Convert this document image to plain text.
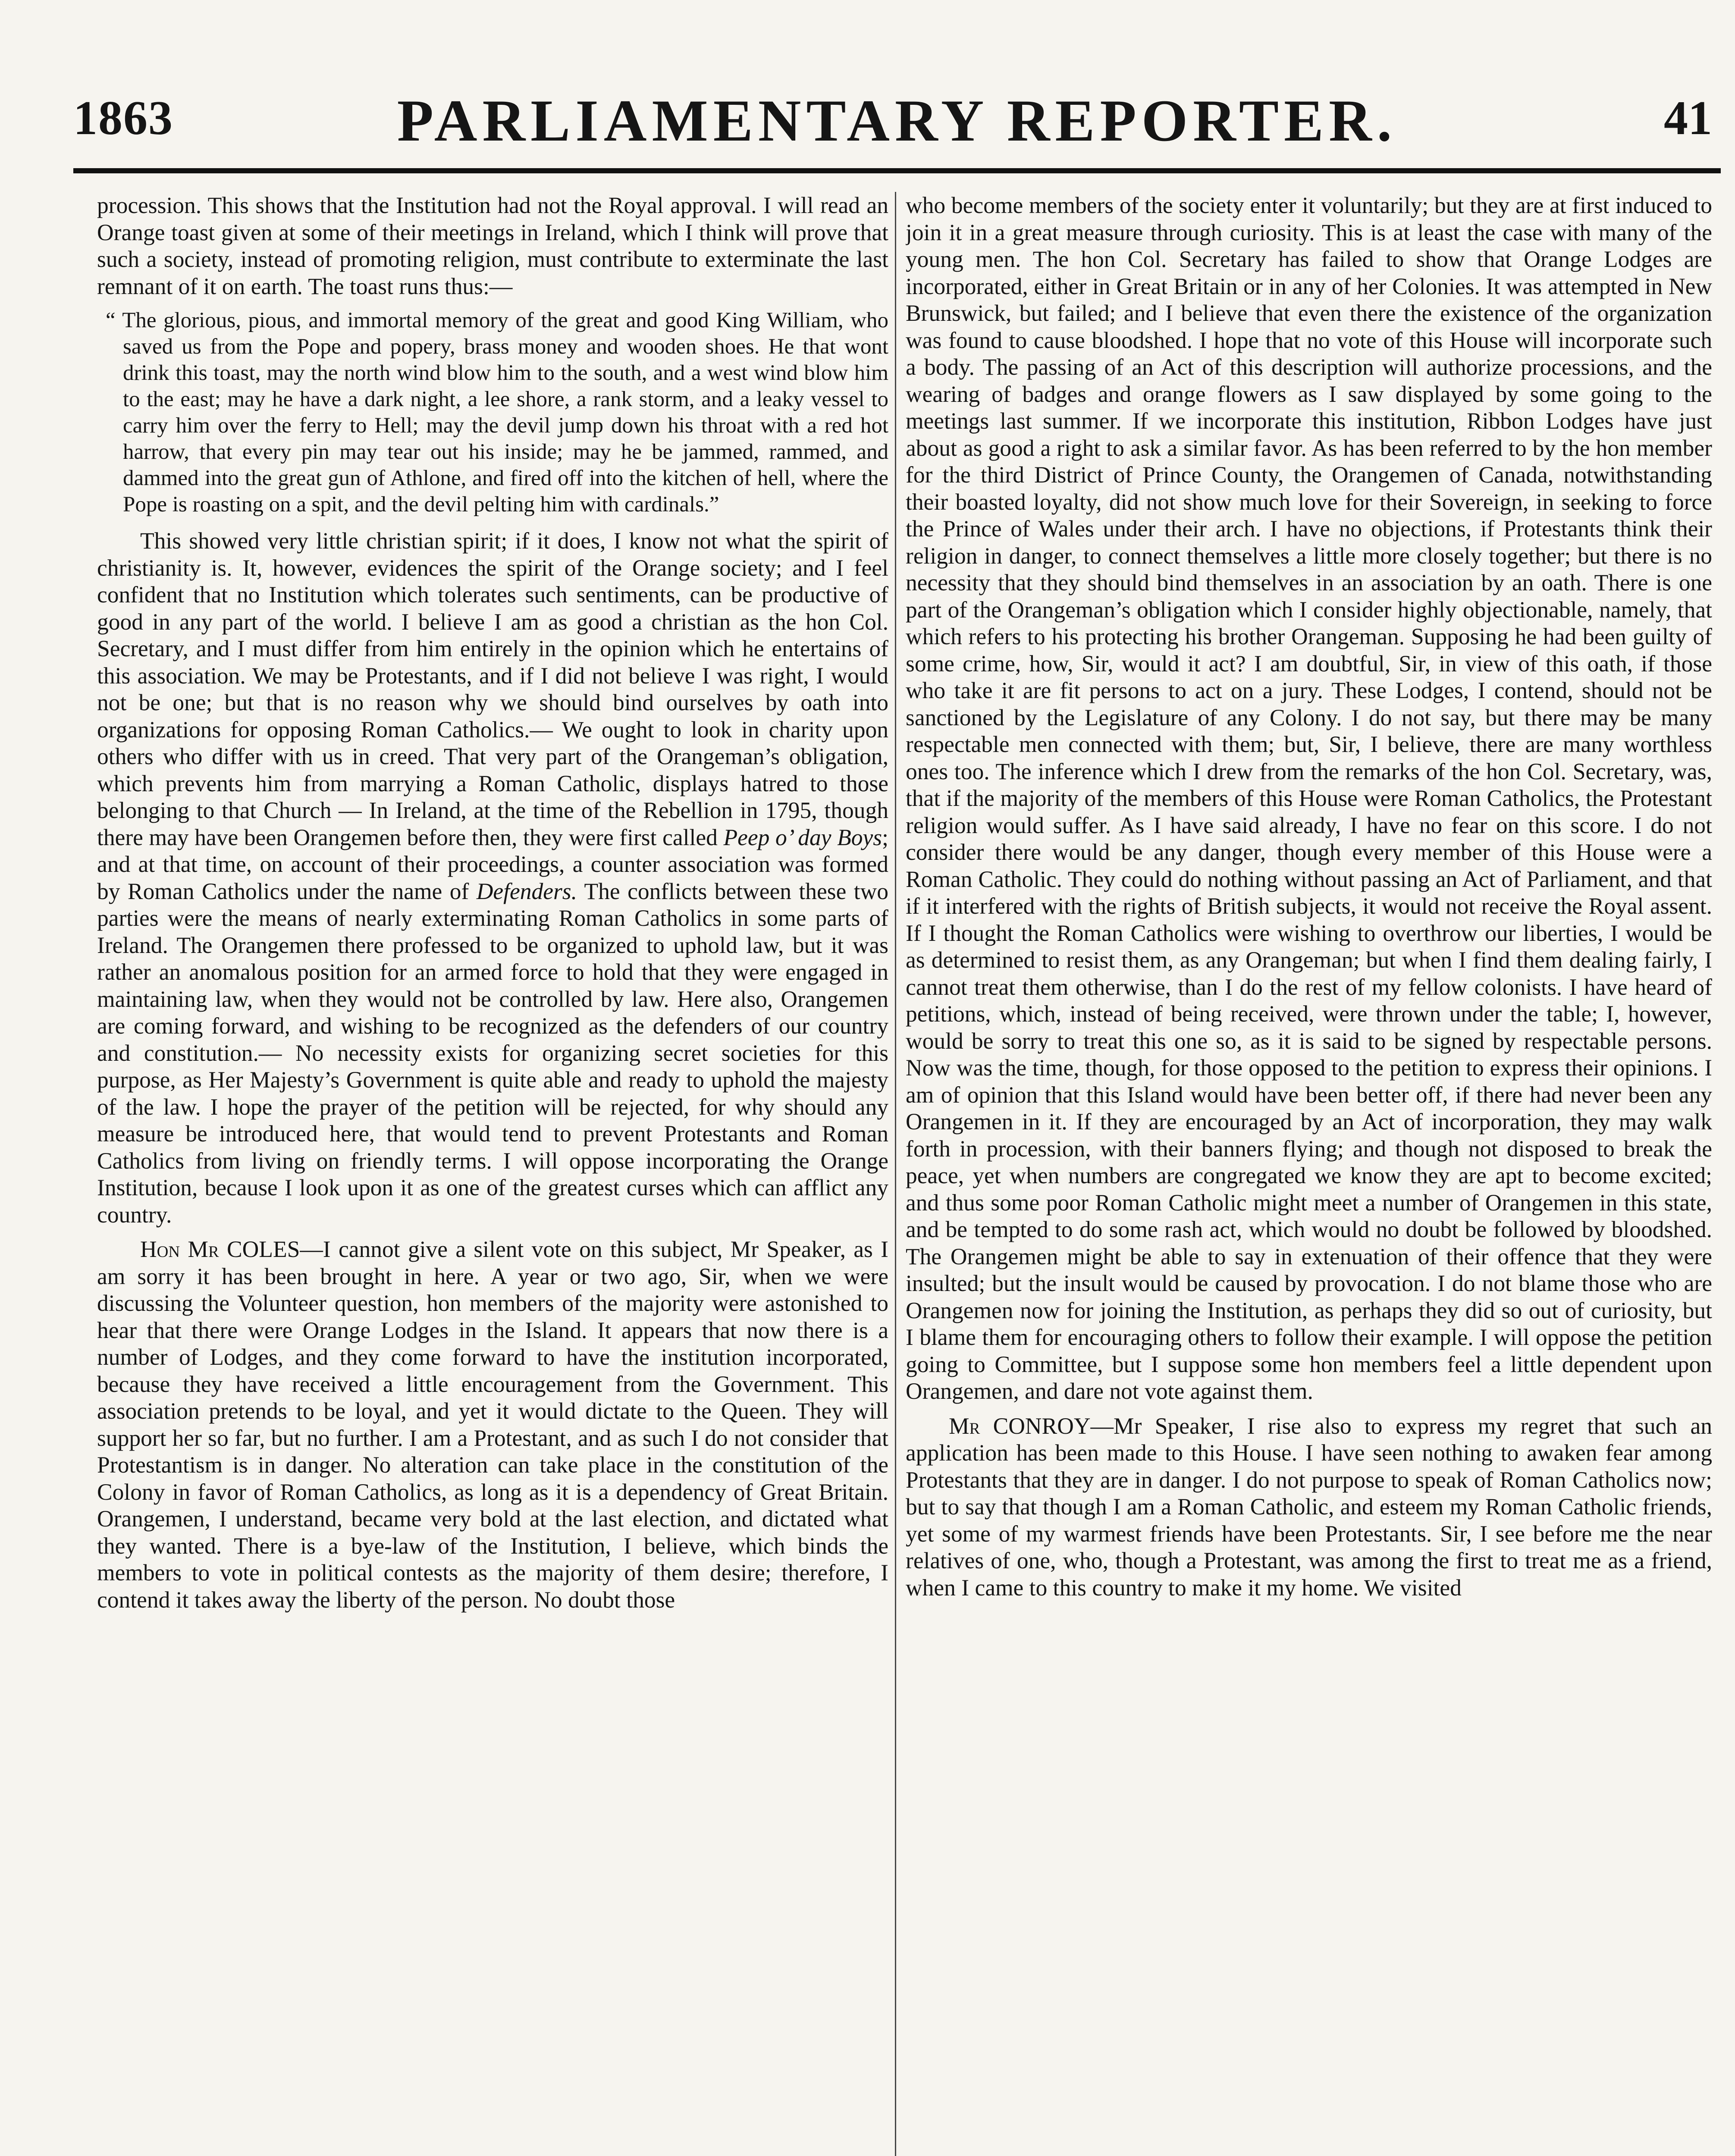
1863	PARLIAMENTARY REPORTER.	41

procession. This shows that the Institution had not the Royal approval. I will read an Orange toast given at some of their meetings in Ireland, which I think will prove that such a society, instead of promoting religion, must contribute to exterminate the last remnant of it on earth. The toast runs thus:—

“ The glorious, pious, and immortal memory of the great and good King William, who saved us from the Pope and popery, brass money and wooden shoes. He that wont drink this toast, may the north wind blow him to the south, and a west wind blow him to the east; may he have a dark night, a lee shore, a rank storm, and a leaky vessel to carry him over the ferry to Hell; may the devil jump down his throat with a red hot harrow, that every pin may tear out his inside; may he be jammed, rammed, and dammed into the great gun of Athlone, and fired off into the kitchen of hell, where the Pope is roasting on a spit, and the devil pelting him with cardinals.”

This showed very little christian spirit; if it does, I know not what the spirit of christianity is. It, however, evidences the spirit of the Orange society; and I feel confident that no Institution which tolerates such sentiments, can be productive of good in any part of the world. I believe I am as good a christian as the hon Col. Secretary, and I must differ from him entirely in the opinion which he entertains of this association. We may be Protestants, and if I did not believe I was right, I would not be one; but that is no reason why we should bind ourselves by oath into organizations for opposing Roman Catholics.— We ought to look in charity upon others who differ with us in creed. That very part of the Orangeman’s obligation, which prevents him from marrying a Roman Catholic, displays hatred to those belonging to that Church — In Ireland, at the time of the Rebellion in 1795, though there may have been Orangemen before then, they were first called Peep o’ day Boys; and at that time, on account of their proceedings, a counter association was formed by Roman Catholics under the name of Defenders. The conflicts between these two parties were the means of nearly exterminating Roman Catholics in some parts of Ireland. The Orangemen there professed to be organized to uphold law, but it was rather an anomalous position for an armed force to hold that they were engaged in maintaining law, when they would not be controlled by law. Here also, Orangemen are coming forward, and wishing to be recognized as the defenders of our country and constitution.— No necessity exists for organizing secret societies for this purpose, as Her Majesty’s Government is quite able and ready to uphold the majesty of the law. I hope the prayer of the petition will be rejected, for why should any measure be introduced here, that would tend to prevent Protestants and Roman Catholics from living on friendly terms. I will oppose incorporating the Orange Institution, because I look upon it as one of the greatest curses which can afflict any country.

Hon Mr COLES—I cannot give a silent vote on this subject, Mr Speaker, as I am sorry it has been brought in here. A year or two ago, Sir, when we were discussing the Volunteer question, hon members of the majority were astonished to hear that there were Orange Lodges in the Island. It appears that now there is a number of Lodges, and they come forward to have the institution incorporated, because they have received a little encouragement from the Government. This association pretends to be loyal, and yet it would dictate to the Queen. They will support her so far, but no further. I am a Protestant, and as such I do not consider that Protestantism is in danger. No alteration can take place in the constitution of the Colony in favor of Roman Catholics, as long as it is a dependency of Great Britain. Orangemen, I understand, became very bold at the last election, and dictated what they wanted. There is a bye-law of the Institution, I believe, which binds the members to vote in political contests as the majority of them desire; therefore, I contend it takes away the liberty of the person. No doubt those

who become members of the society enter it voluntarily; but they are at first induced to join it in a great measure through curiosity. This is at least the case with many of the young men. The hon Col. Secretary has failed to show that Orange Lodges are incorporated, either in Great Britain or in any of her Colonies. It was attempted in New Brunswick, but failed; and I believe that even there the existence of the organization was found to cause bloodshed. I hope that no vote of this House will incorporate such a body. The passing of an Act of this description will authorize processions, and the wearing of badges and orange flowers as I saw displayed by some going to the meetings last summer. If we incorporate this institution, Ribbon Lodges have just about as good a right to ask a similar favor. As has been referred to by the hon member for the third District of Prince County, the Orangemen of Canada, notwithstanding their boasted loyalty, did not show much love for their Sovereign, in seeking to force the Prince of Wales under their arch. I have no objections, if Protestants think their religion in danger, to connect themselves a little more closely together; but there is no necessity that they should bind themselves in an association by an oath. There is one part of the Orangeman’s obligation which I consider highly objectionable, namely, that which refers to his protecting his brother Orangeman. Supposing he had been guilty of some crime, how, Sir, would it act? I am doubtful, Sir, in view of this oath, if those who take it are fit persons to act on a jury. These Lodges, I contend, should not be sanctioned by the Legislature of any Colony. I do not say, but there may be many respectable men connected with them; but, Sir, I believe, there are many worthless ones too. The inference which I drew from the remarks of the hon Col. Secretary, was, that if the majority of the members of this House were Roman Catholics, the Protestant religion would suffer. As I have said already, I have no fear on this score. I do not consider there would be any danger, though every member of this House were a Roman Catholic. They could do nothing without passing an Act of Parliament, and that if it interfered with the rights of British subjects, it would not receive the Royal assent. If I thought the Roman Catholics were wishing to overthrow our liberties, I would be as determined to resist them, as any Orangeman; but when I find them dealing fairly, I cannot treat them otherwise, than I do the rest of my fellow colonists. I have heard of petitions, which, instead of being received, were thrown under the table; I, however, would be sorry to treat this one so, as it is said to be signed by respectable persons. Now was the time, though, for those opposed to the petition to express their opinions. I am of opinion that this Island would have been better off, if there had never been any Orangemen in it. If they are encouraged by an Act of incorporation, they may walk forth in procession, with their banners flying; and though not disposed to break the peace, yet when numbers are congregated we know they are apt to become excited; and thus some poor Roman Catholic might meet a number of Orangemen in this state, and be tempted to do some rash act, which would no doubt be followed by bloodshed. The Orangemen might be able to say in extenuation of their offence that they were insulted; but the insult would be caused by provocation. I do not blame those who are Orangemen now for joining the Institution, as perhaps they did so out of curiosity, but I blame them for encouraging others to follow their example. I will oppose the petition going to Committee, but I suppose some hon members feel a little dependent upon Orangemen, and dare not vote against them.

Mr CONROY—Mr Speaker, I rise also to express my regret that such an application has been made to this House. I have seen nothing to awaken fear among Protestants that they are in danger. I do not purpose to speak of Roman Catholics now; but to say that though I am a Roman Catholic, and esteem my Roman Catholic friends, yet some of my warmest friends have been Protestants. Sir, I see before me the near relatives of one, who, though a Protestant, was among the first to treat me as a friend, when I came to this country to make it my home. We visited
